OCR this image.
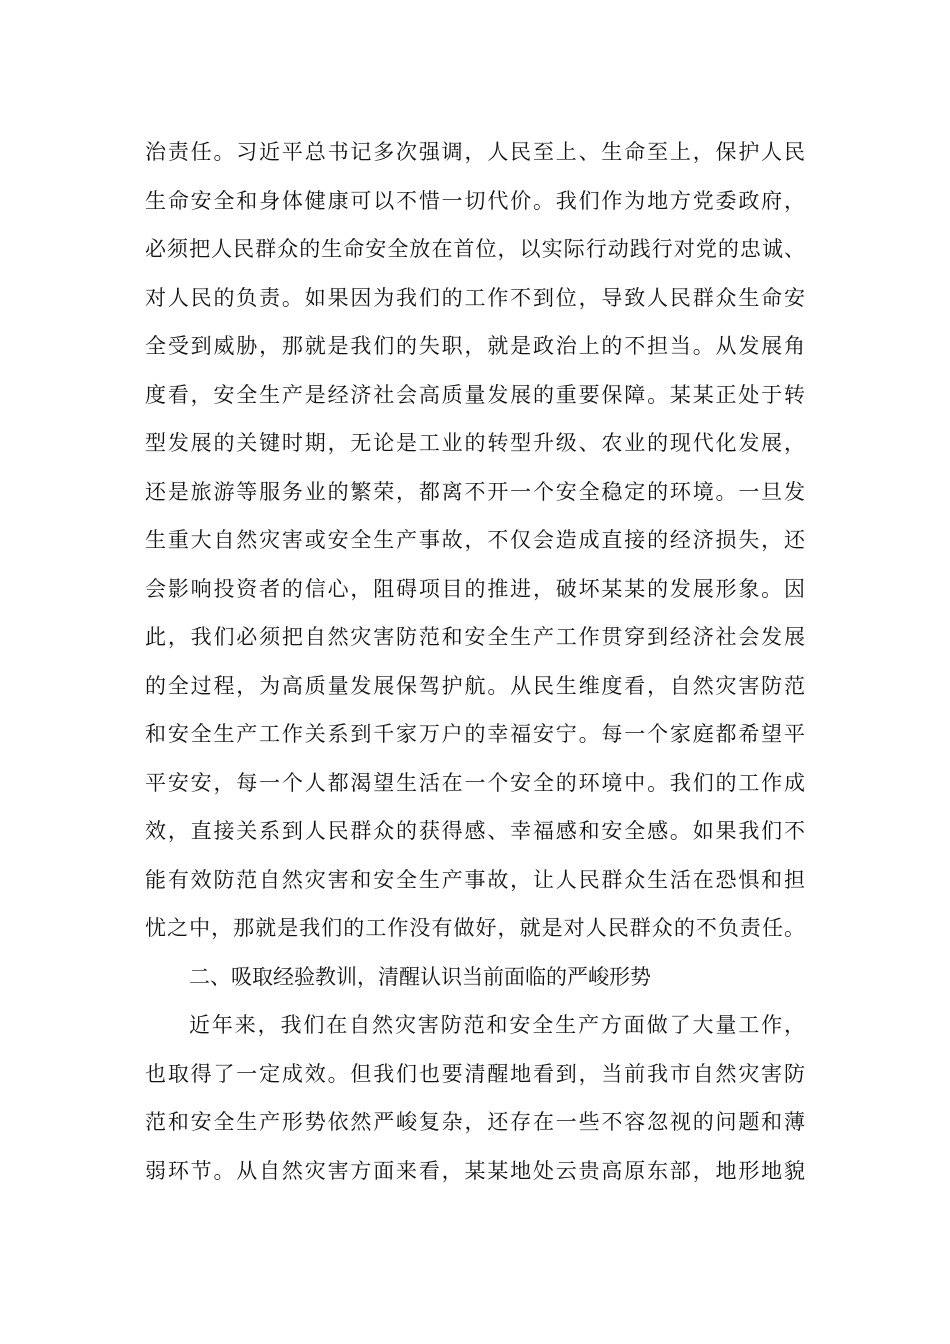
治责任。习近平总书记多次强调，人民至上、生命至上，保护人民
生命安全和身体健康可以不惜一切代价。我们作为地方党委政府，
必须把人民群众的生命安全放在首位，以实际行动践行对党的忠诚、
对人民的负责。如果因为我们的工作不到位，导致人民群众生命安
全受到威胁，那就是我们的失职，就是政治上的不担当。从发展角
度看，安全生产是经济社会高质量发展的重要保障。某某正处于转
型发展的关键时期，无论是工业的转型升级、农业的现代化发展，
还是旅游等服务业的繁荣，都离不开一个安全稳定的环境。一旦发
生重大自然灾害或安全生产事故，不仅会造成直接的经济损失，还
会影响投资者的信心，阻碍项目的推进，破坏某某的发展形象。因
此，我们必须把自然灾害防范和安全生产工作贯穿到经济社会发展
的全过程，为高质量发展保驾护航。从民生维度看，自然灾害防范
和安全生产工作关系到千家万户的幸福安宁。每一个家庭都希望平
平安安，每一个人都渴望生活在一个安全的环境中。我们的工作成
效，直接关系到人民群众的获得感、幸福感和安全感。如果我们不
能有效防范自然灾害和安全生产事故，让人民群众生活在恐惧和担
忧之中，那就是我们的工作没有做好，就是对人民群众的不负责任。
二、吸取经验教训，清醒认识当前面临的严峻形势
近年来，我们在自然灾害防范和安全生产方面做了大量工作，
也取得了一定成效。但我们也要清醒地看到，当前我市自然灾害防
范和安全生产形势依然严峻复杂，还存在一些不容忽视的问题和薄
弱环节。从自然灾害方面来看，某某地处云贵高原东部，地形地貌
